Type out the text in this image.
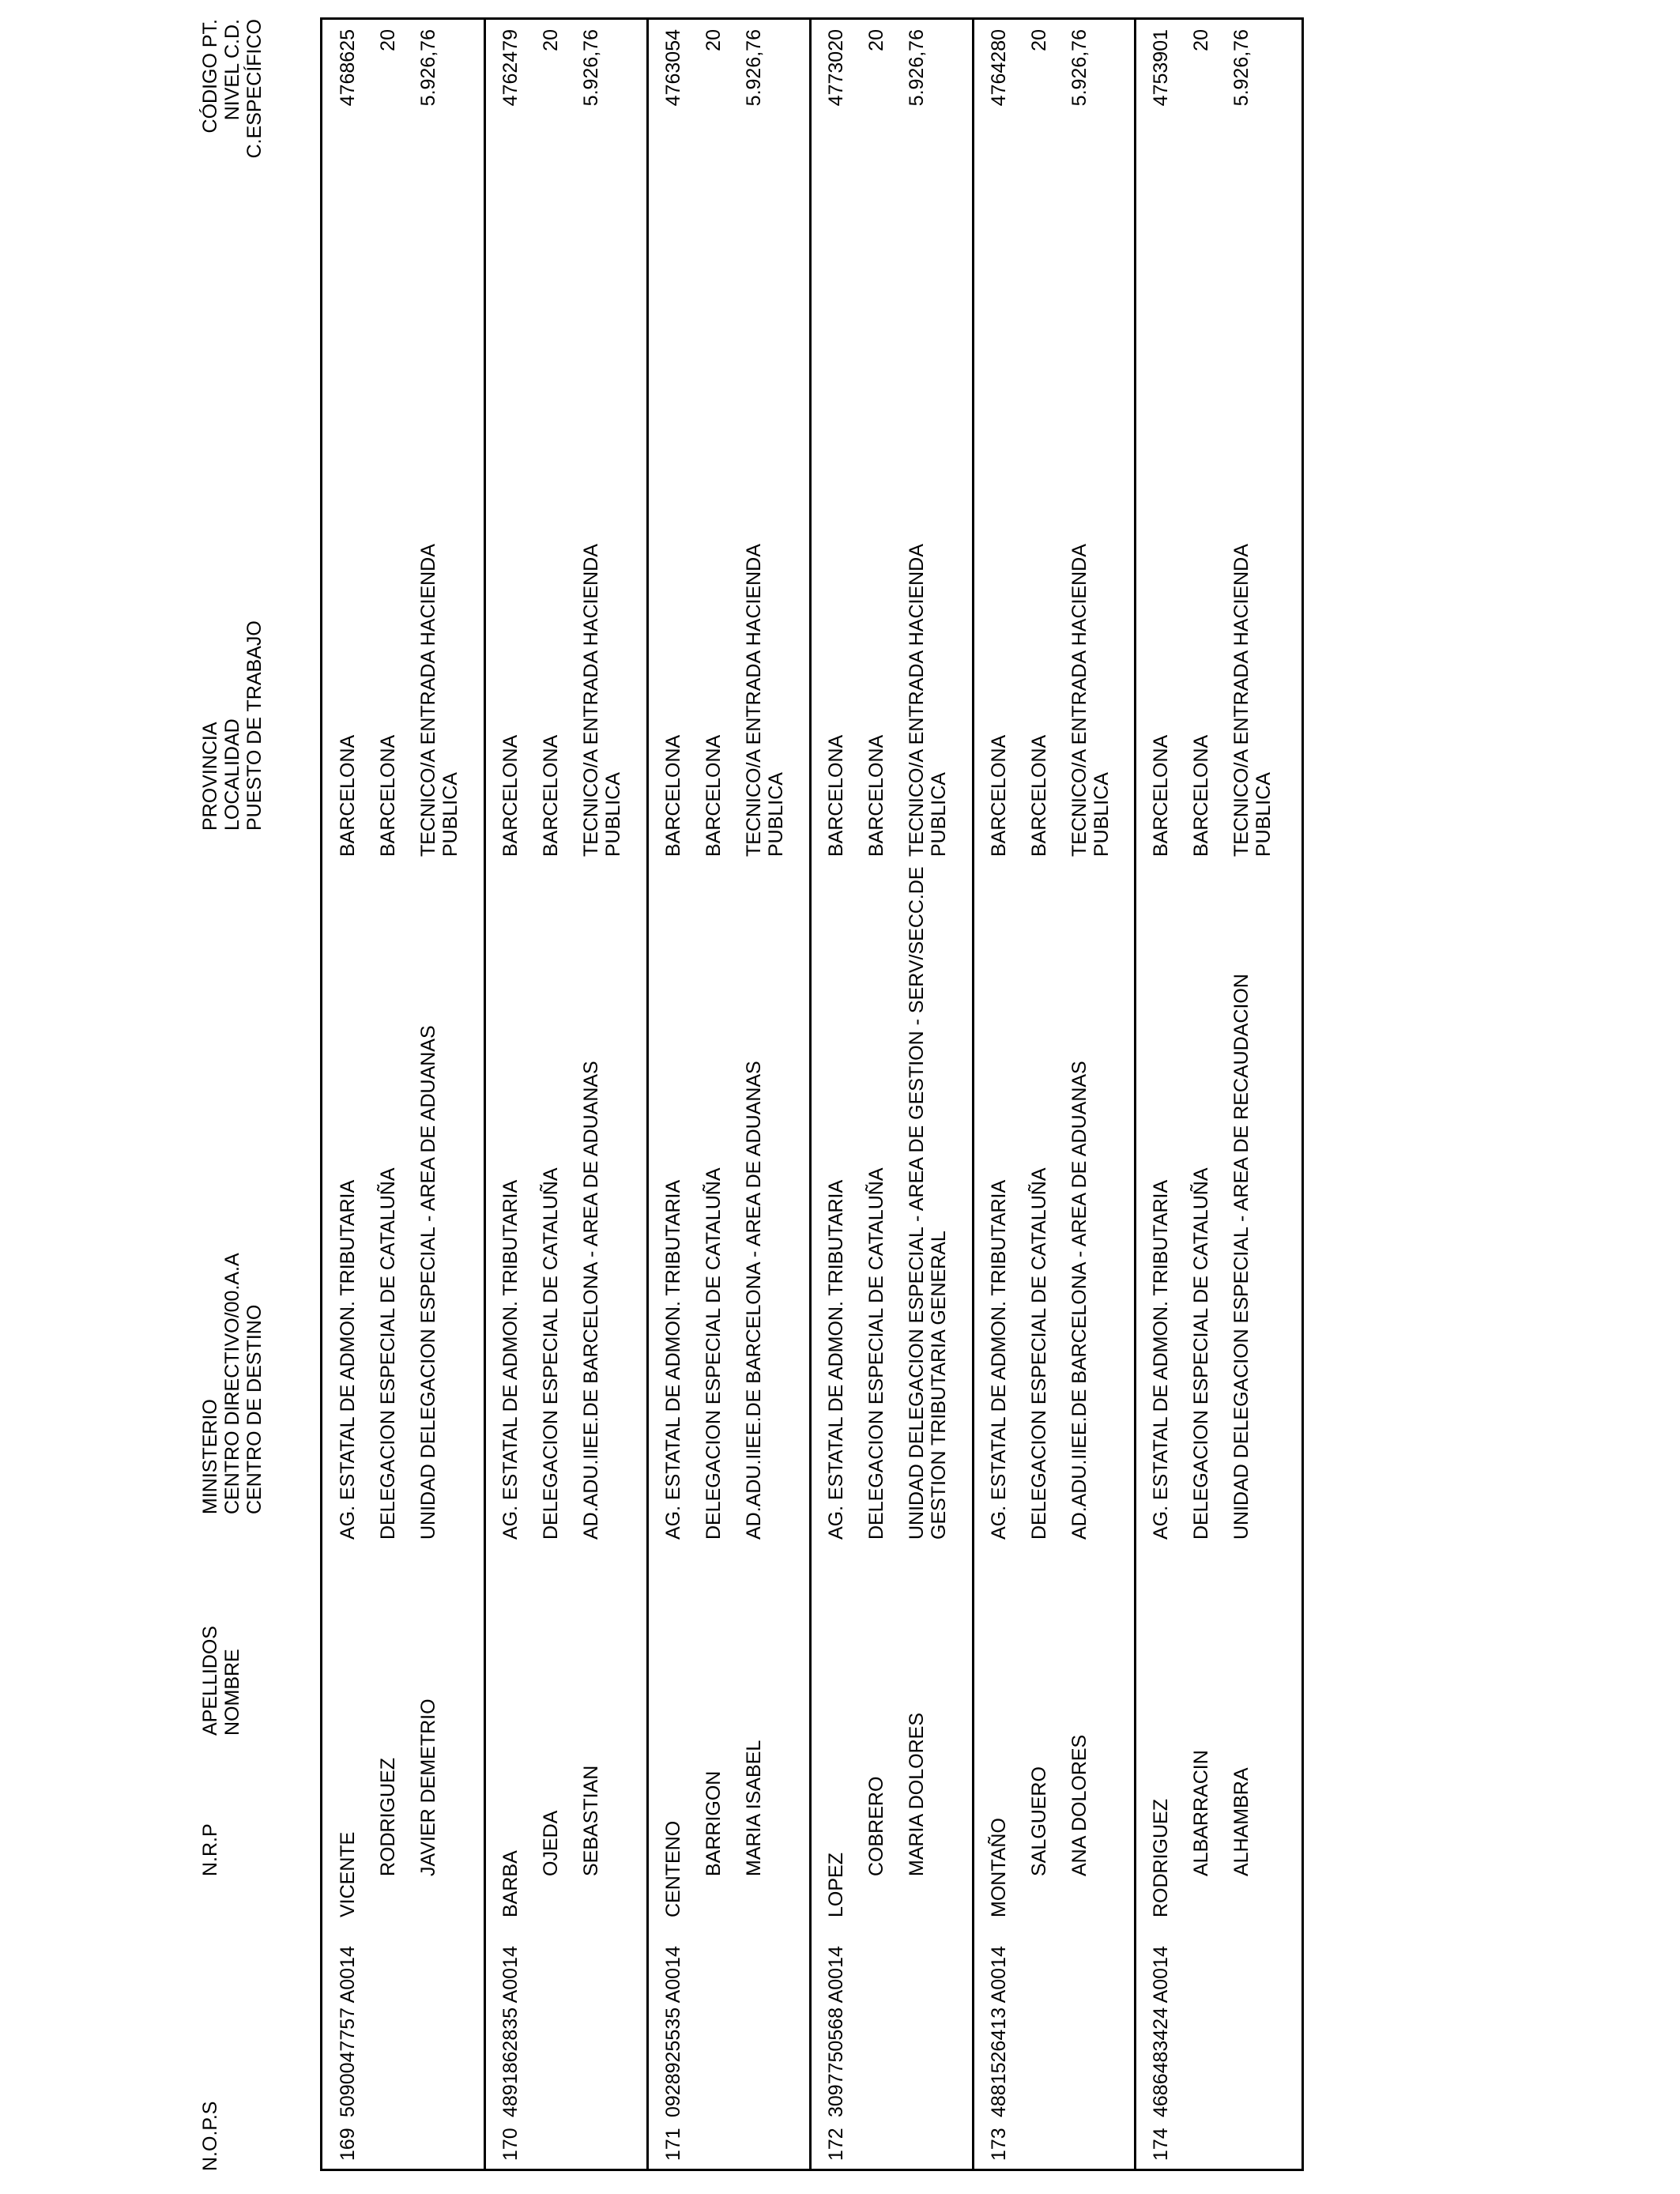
N.O.P.S
N.R.P
APELLIDOS NOMBRE
MINISTERIO CENTRO DIRECTIVO/00.A.A CENTRO DE DESTINO
PROVINCIA LOCALIDAD PUESTO DE TRABAJO
CÓDIGO PT. NIVEL C.D. C.ESPECÍFICO
169
5090047757 A0014
VICENTE RODRIGUEZ JAVIER DEMETRIO
AG. ESTATAL DE ADMON. TRIBUTARIA DELEGACION ESPECIAL DE CATALUÑA UNIDAD DELEGACION ESPECIAL - AREA DE ADUANAS
BARCELONA BARCELONA TECNICO/A ENTRADA HACIENDA PUBLICA
4768625 20 5.926,76
170
4891862835 A0014
BARBA
OJEDA SEBASTIAN
AG. ESTATAL DE ADMON. TRIBUTARIA DELEGACION ESPECIAL DE CATALUÑA AD.ADU.IIEE.DE BARCELONA - AREA DE ADUANAS
BARCELONA BARCELONA TECNICO/A ENTRADA HACIENDA PUBLICA
4762479 20 5.926,76
171
0928925535 A0014
CENTENO BARRIGON MARIA ISABEL
AG. ESTATAL DE ADMON. TRIBUTARIA DELEGACION ESPECIAL DE CATALUÑA AD.ADU.IIEE.DE BARCELONA - AREA DE ADUANAS
BARCELONA BARCELONA TECNICO/A ENTRADA HACIENDA PUBLICA
4763054 20 5.926,76
172
3097750568 A0014
LOPEZ
COBRERO MARIA DOLORES
AG. ESTATAL DE ADMON. TRIBUTARIA DELEGACION ESPECIAL DE CATALUÑA UNIDAD DELEGACION ESPECIAL - AREA DE GESTION - SERV/SECC.DE GESTION TRIBUTARIA GENERAL
BARCELONA BARCELONA TECNICO/A ENTRADA HACIENDA PUBLICA
4773020 20 5.926,76
173
4881526413 A0014
MONTAÑO SALGUERO ANA DOLORES
AG. ESTATAL DE ADMON. TRIBUTARIA DELEGACION ESPECIAL DE CATALUÑA AD.ADU.IIEE.DE BARCELONA - AREA DE ADUANAS
BARCELONA BARCELONA TECNICO/A ENTRADA HACIENDA PUBLICA
4764280 20 5.926,76
174
4686483424 A0014
RODRIGUEZ ALBARRACIN ALHAMBRA
AG. ESTATAL DE ADMON. TRIBUTARIA DELEGACION ESPECIAL DE CATALUÑA UNIDAD DELEGACION ESPECIAL - AREA DE RECAUDACION
BARCELONA BARCELONA TECNICO/A ENTRADA HACIENDA PUBLICA
4753901 20 5.926,76
